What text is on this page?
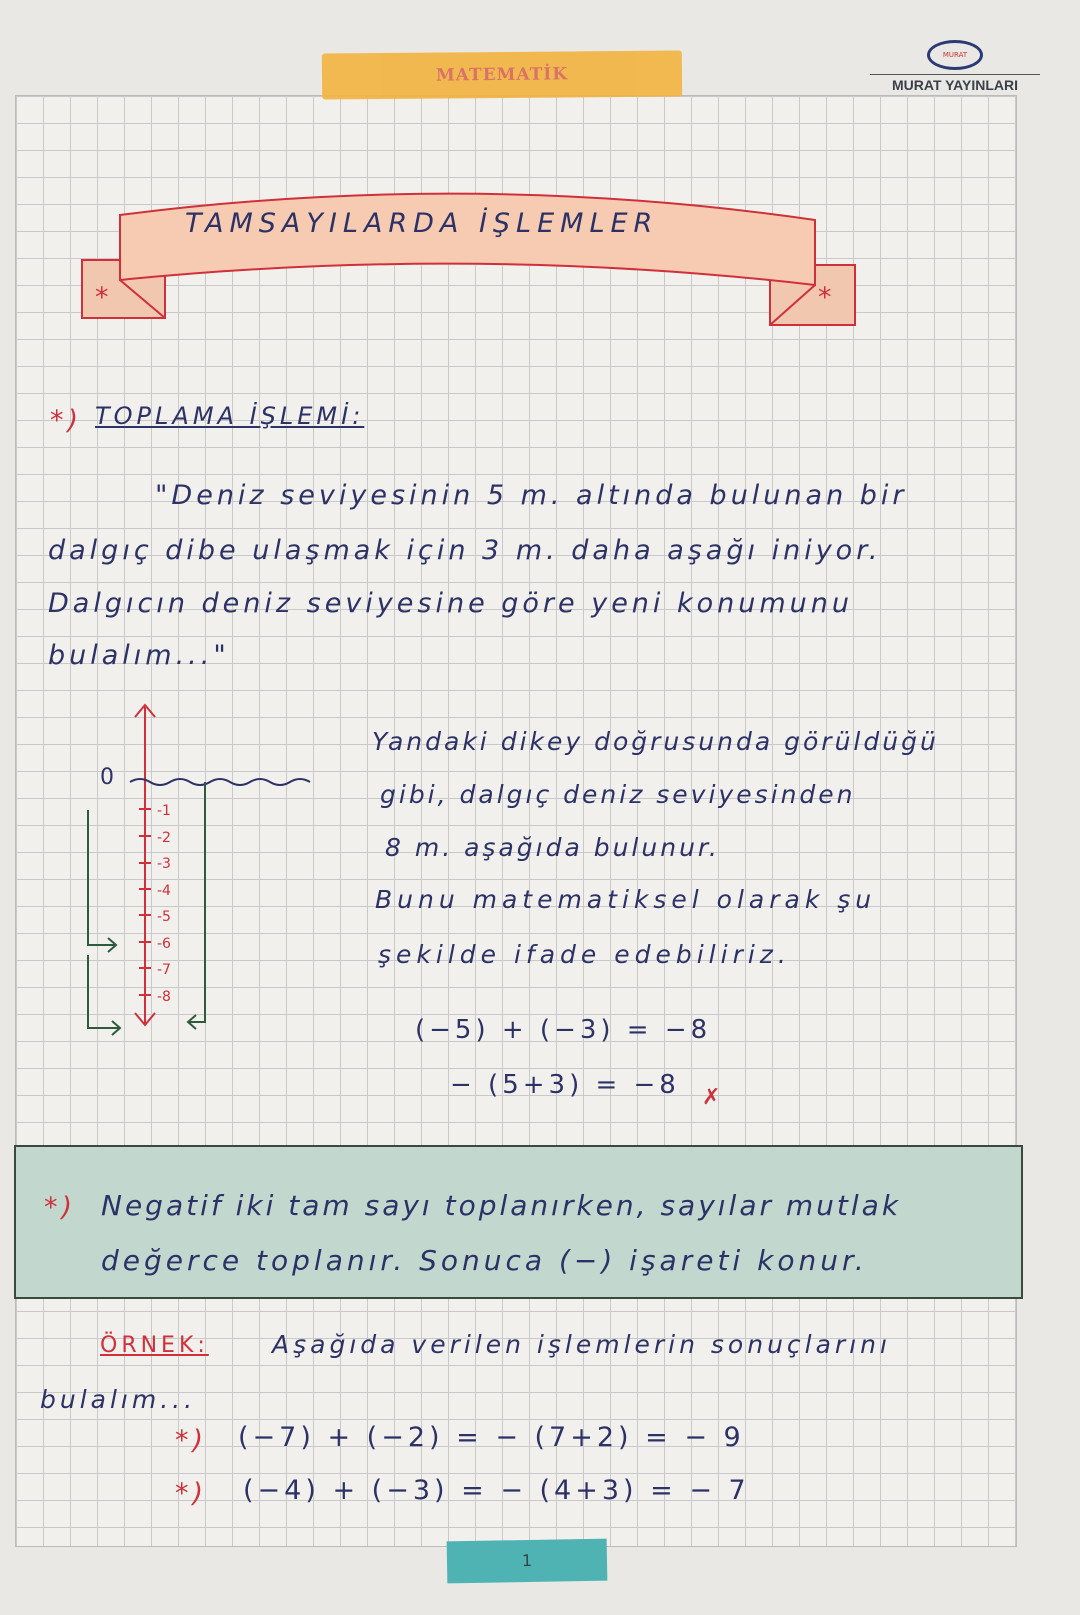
MATEMATİK
MURAT
MURAT YAYINLARI
TAMSAYILARDA İŞLEMLER
*	*
*) TOPLAMA İŞLEMİ:
"Deniz seviyesinin 5 m. altında bulunan bir
dalgıç dibe ulaşmak için 3 m. daha aşağı iniyor.
Dalgıcın deniz seviyesine göre yeni konumunu
bulalım..."
0
-1
-2
-3
-4
-5
-6
-7
-8
Yandaki dikey doğrusunda görüldüğü
gibi, dalgıç deniz seviyesinden
8 m. aşağıda bulunur.
Bunu matematiksel olarak şu
şekilde ifade edebiliriz.
(−5) + (−3) = −8
− (5+3) = −8 ✗
*) Negatif iki tam sayı toplanırken, sayılar mutlak
değerce toplanır. Sonuca (−) işareti konur.
ÖRNEK:	Aşağıda verilen işlemlerin sonuçlarını
bulalım...
*) (−7) + (−2) = − (7+2) = − 9
*) (−4) + (−3) = − (4+3) = − 7
1
